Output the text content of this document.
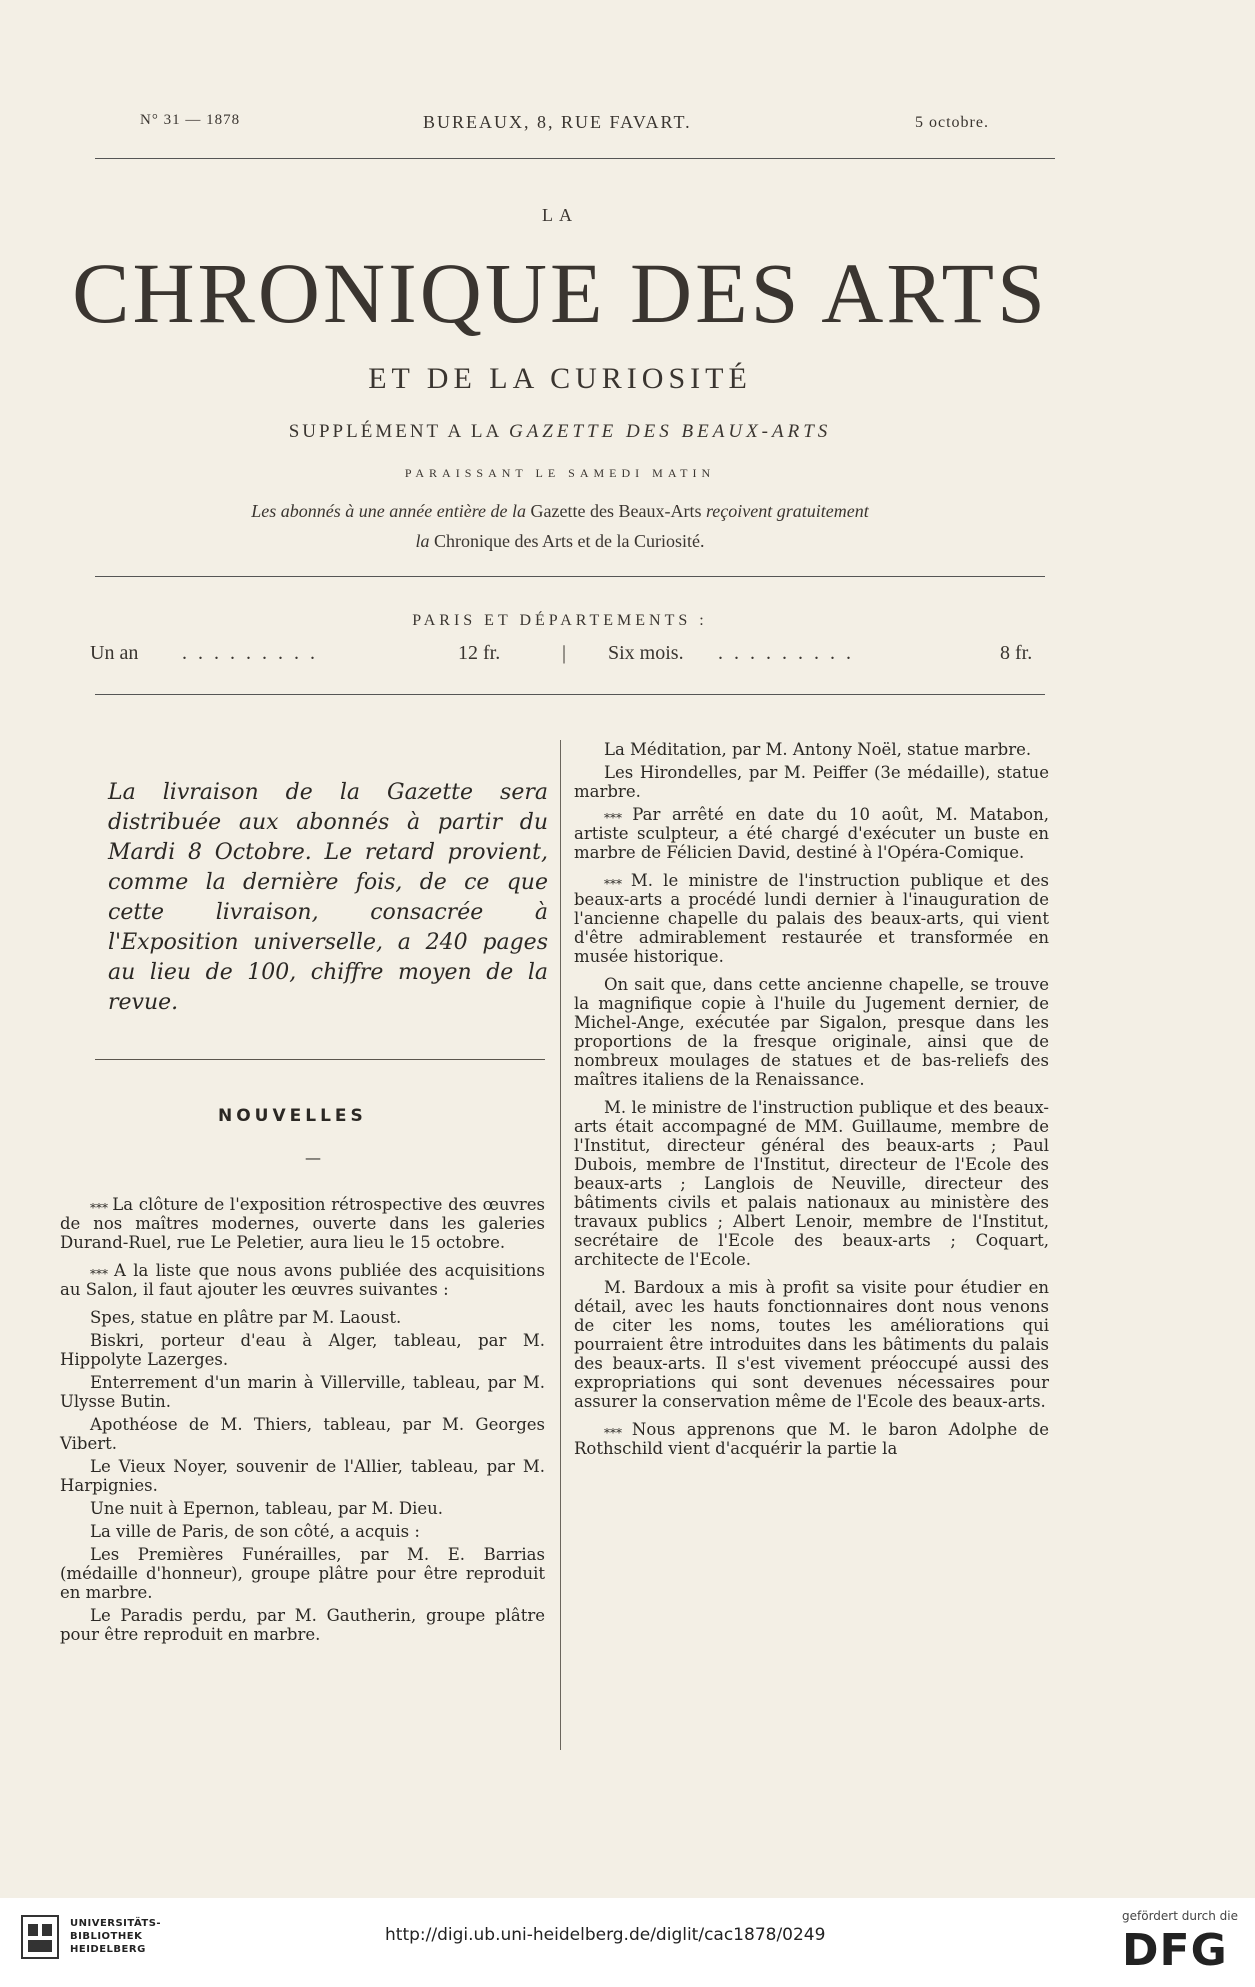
N° 31 — 1878	BUREAUX, 8, RUE FAVART.	5 octobre.
LA
CHRONIQUE DES ARTS
ET DE LA CURIOSITÉ
SUPPLÉMENT A LA GAZETTE DES BEAUX-ARTS
PARAISSANT LE SAMEDI MATIN
Les abonnés à une année entière de la Gazette des Beaux-Arts reçoivent gratuitement
la Chronique des Arts et de la Curiosité.
PARIS ET DÉPARTEMENTS :
Un an . . . . . . . . .	12 fr.	| Six mois. . . . . . . . . .	8 fr.
La livraison de la Gazette sera distribuée aux abonnés à partir du Mardi 8 Octobre. Le retard provient, comme la dernière fois, de ce que cette livraison, consacrée à l'Exposition universelle, a 240 pages au lieu de 100, chiffre moyen de la revue.
NOUVELLES
—

⁎⁎⁎ La clôture de l'exposition rétrospective des œuvres de nos maîtres modernes, ouverte dans les galeries Durand-Ruel, rue Le Peletier, aura lieu le 15 octobre.

⁎⁎⁎ A la liste que nous avons publiée des acquisitions au Salon, il faut ajouter les œuvres suivantes :

Spes, statue en plâtre par M. Laoust.

Biskri, porteur d'eau à Alger, tableau, par M. Hippolyte Lazerges.

Enterrement d'un marin à Villerville, tableau, par M. Ulysse Butin.

Apothéose de M. Thiers, tableau, par M. Georges Vibert.

Le Vieux Noyer, souvenir de l'Allier, tableau, par M. Harpignies.

Une nuit à Epernon, tableau, par M. Dieu.

La ville de Paris, de son côté, a acquis :

Les Premières Funérailles, par M. E. Barrias (médaille d'honneur), groupe plâtre pour être reproduit en marbre.

Le Paradis perdu, par M. Gautherin, groupe plâtre pour être reproduit en marbre.

La Méditation, par M. Antony Noël, statue marbre.

Les Hirondelles, par M. Peiffer (3e médaille), statue marbre.

⁎⁎⁎ Par arrêté en date du 10 août, M. Matabon, artiste sculpteur, a été chargé d'exécuter un buste en marbre de Félicien David, destiné à l'Opéra-Comique.

⁎⁎⁎ M. le ministre de l'instruction publique et des beaux-arts a procédé lundi dernier à l'inauguration de l'ancienne chapelle du palais des beaux-arts, qui vient d'être admirablement restaurée et transformée en musée historique.

On sait que, dans cette ancienne chapelle, se trouve la magnifique copie à l'huile du Jugement dernier, de Michel-Ange, exécutée par Sigalon, presque dans les proportions de la fresque originale, ainsi que de nombreux moulages de statues et de bas-reliefs des maîtres italiens de la Renaissance.

M. le ministre de l'instruction publique et des beaux-arts était accompagné de MM. Guillaume, membre de l'Institut, directeur général des beaux-arts ; Paul Dubois, membre de l'Institut, directeur de l'Ecole des beaux-arts ; Langlois de Neuville, directeur des bâtiments civils et palais nationaux au ministère des travaux publics ; Albert Lenoir, membre de l'Institut, secrétaire de l'Ecole des beaux-arts ; Coquart, architecte de l'Ecole.

M. Bardoux a mis à profit sa visite pour étudier en détail, avec les hauts fonctionnaires dont nous venons de citer les noms, toutes les améliorations qui pourraient être introduites dans les bâtiments du palais des beaux-arts. Il s'est vivement préoccupé aussi des expropriations qui sont devenues nécessaires pour assurer la conservation même de l'Ecole des beaux-arts.

⁎⁎⁎ Nous apprenons que M. le baron Adolphe de Rothschild vient d'acquérir la partie la

UNIVERSITÄTS-
BIBLIOTHEK
HEIDELBERG
http://digi.ub.uni-heidelberg.de/diglit/cac1878/0249
gefördert durch die
DFG
